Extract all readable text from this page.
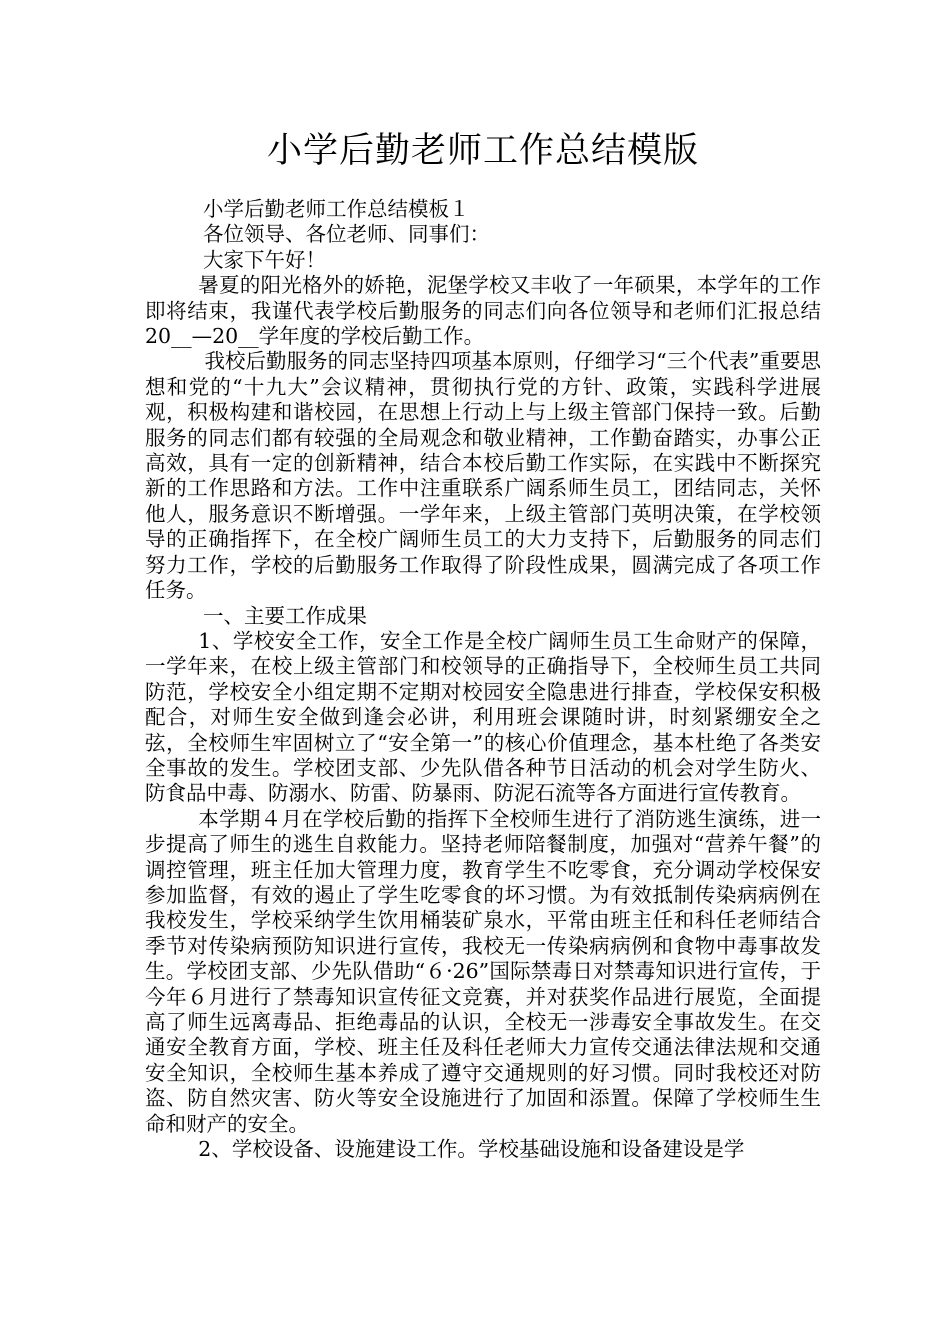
小学后勤老师工作总结模版

小学后勤老师工作总结模板１

各位领导、各位老师、同事们：

大家下午好！

暑夏的阳光格外的娇艳，泥堡学校又丰收了一年硕果，本学年的工作即将结束，我谨代表学校后勤服务的同志们向各位领导和老师们汇报总结20__—20__学年度的学校后勤工作。

我校后勤服务的同志坚持四项基本原则，仔细学习“三个代表”重要思想和党的“十九大”会议精神，贯彻执行党的方针、政策，实践科学进展观，积极构建和谐校园，在思想上行动上与上级主管部门保持一致。后勤服务的同志们都有较强的全局观念和敬业精神，工作勤奋踏实，办事公正高效，具有一定的创新精神，结合本校后勤工作实际，在实践中不断探究新的工作思路和方法。工作中注重联系广阔系师生员工，团结同志，关怀他人，服务意识不断增强。一学年来，上级主管部门英明决策，在学校领导的正确指挥下，在全校广阔师生员工的大力支持下，后勤服务的同志们努力工作，学校的后勤服务工作取得了阶段性成果，圆满完成了各项工作任务。

一、主要工作成果

1、学校安全工作，安全工作是全校广阔师生员工生命财产的保障，一学年来，在校上级主管部门和校领导的正确指导下，全校师生员工共同防范，学校安全小组定期不定期对校园安全隐患进行排查，学校保安积极配合，对师生安全做到逢会必讲，利用班会课随时讲，时刻紧绷安全之弦，全校师生牢固树立了“安全第一”的核心价值理念，基本杜绝了各类安全事故的发生。学校团支部、少先队借各种节日活动的机会对学生防火、防食品中毒、防溺水、防雷、防暴雨、防泥石流等各方面进行宣传教育。

本学期４月在学校后勤的指挥下全校师生进行了消防逃生演练，进一步提高了师生的逃生自救能力。坚持老师陪餐制度，加强对“营养午餐”的调控管理，班主任加大管理力度，教育学生不吃零食，充分调动学校保安参加监督，有效的遏止了学生吃零食的坏习惯。为有效抵制传染病病例在我校发生，学校采纳学生饮用桶装矿泉水，平常由班主任和科任老师结合季节对传染病预防知识进行宣传，我校无一传染病病例和食物中毒事故发生。学校团支部、少先队借助“６·26”国际禁毒日对禁毒知识进行宣传，于今年６月进行了禁毒知识宣传征文竞赛，并对获奖作品进行展览，全面提高了师生远离毒品、拒绝毒品的认识，全校无一涉毒安全事故发生。在交通安全教育方面，学校、班主任及科任老师大力宣传交通法律法规和交通安全知识，全校师生基本养成了遵守交通规则的好习惯。同时我校还对防盗、防自然灾害、防火等安全设施进行了加固和添置。保障了学校师生生命和财产的安全。

2、学校设备、设施建设工作。学校基础设施和设备建设是学
